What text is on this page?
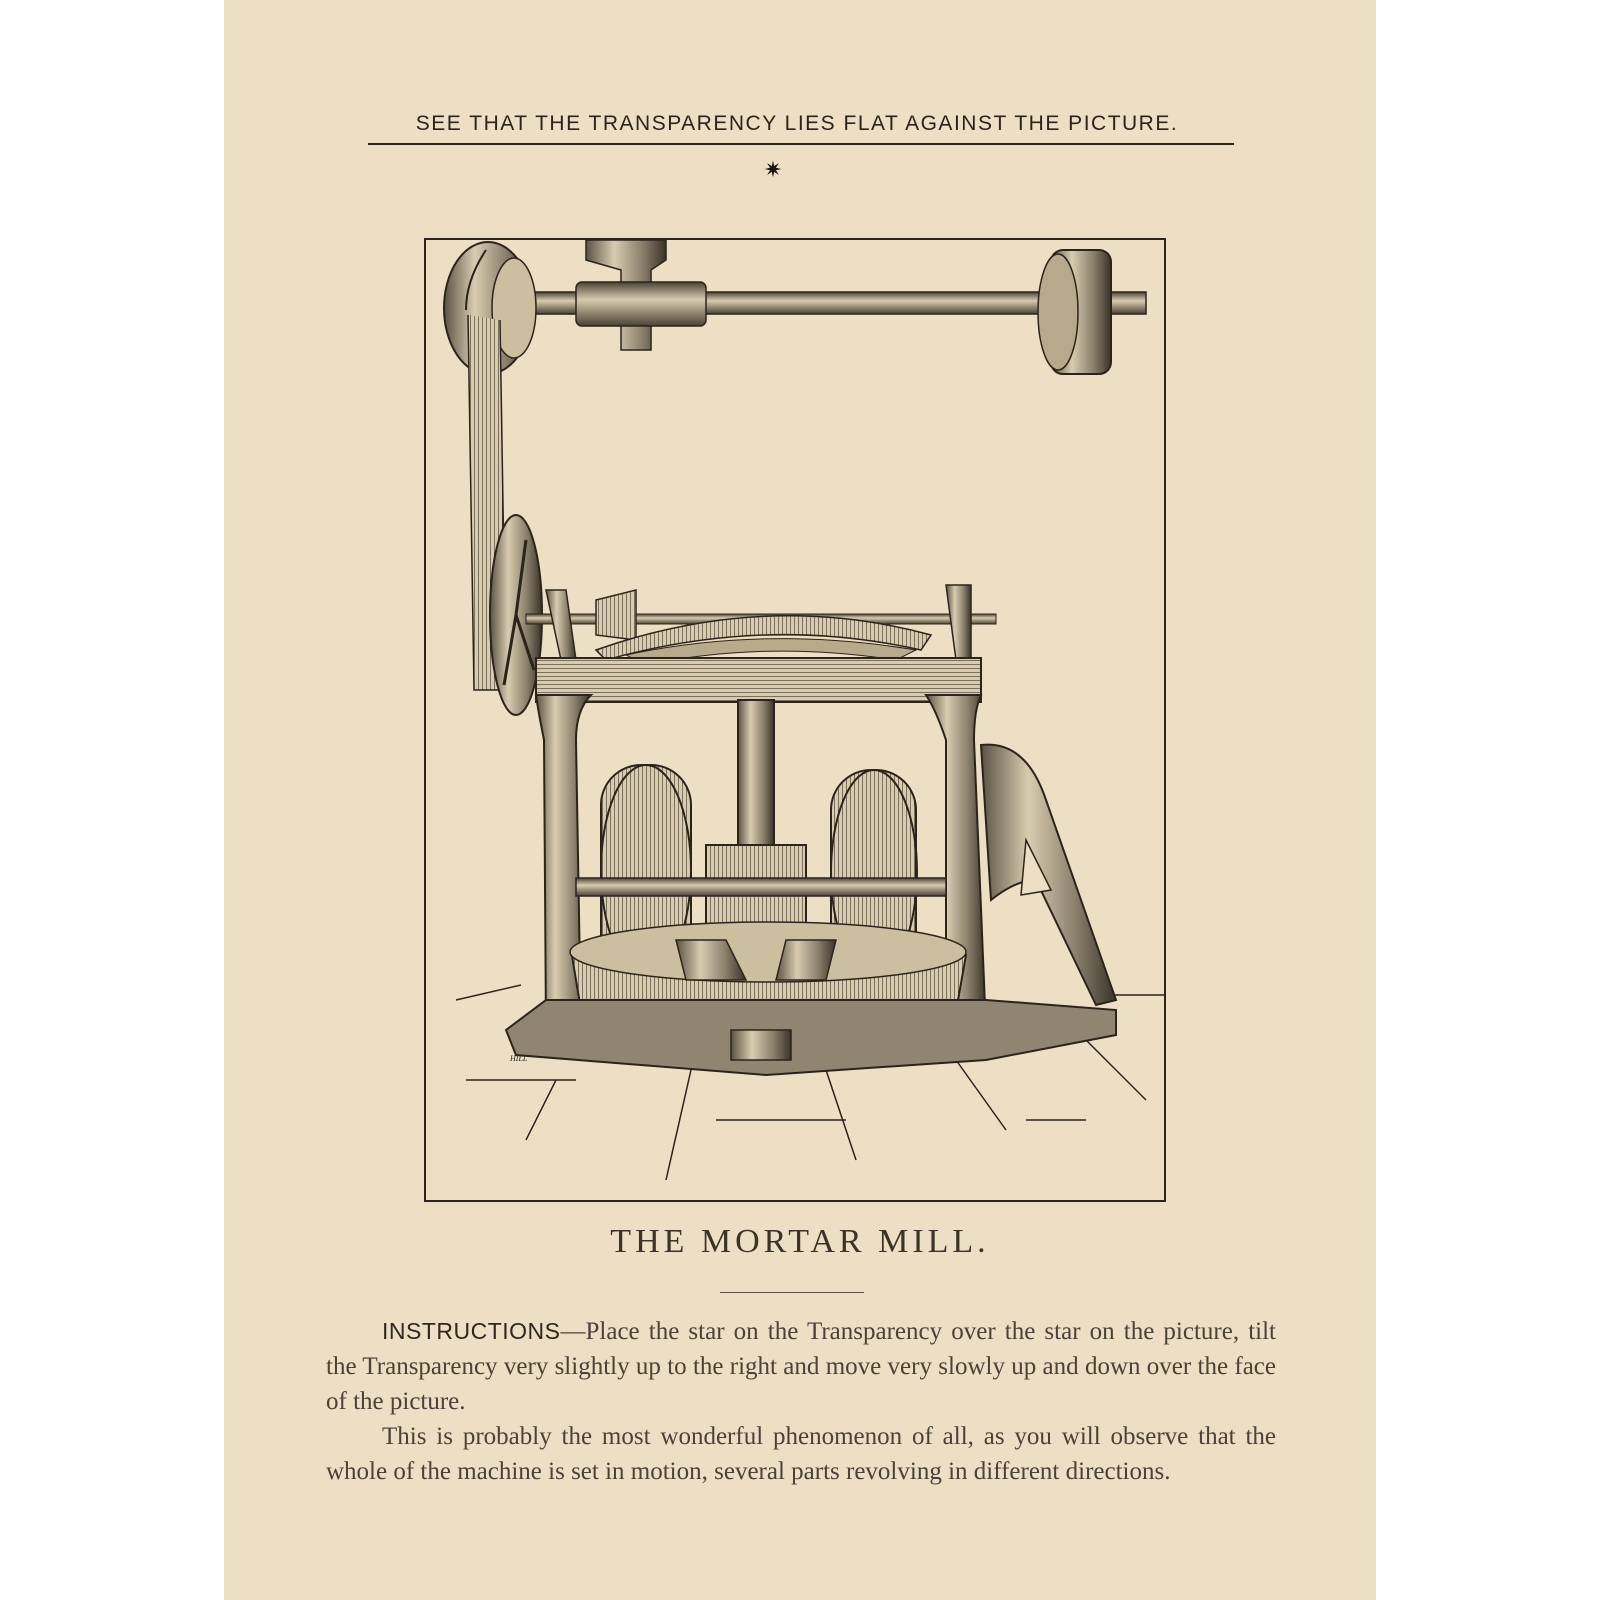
SEE THAT THE TRANSPARENCY LIES FLAT AGAINST THE PICTURE.
✷
HILL
THE MORTAR MILL.

INSTRUCTIONS—Place the star on the Transparency over the star on the picture, tilt the Transparency very slightly up to the right and move very slowly up and down over the face of the picture.

This is probably the most wonderful phenomenon of all, as you will observe that the whole of the machine is set in motion, several parts revolving in different directions.
